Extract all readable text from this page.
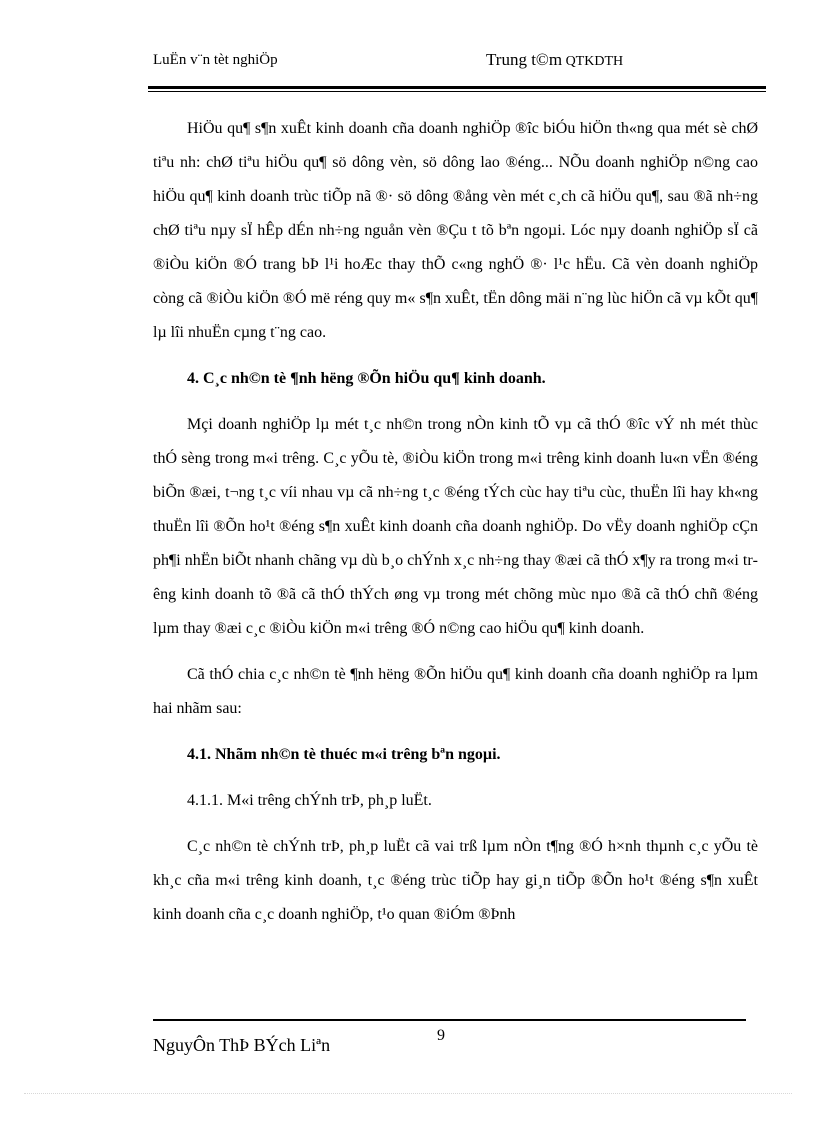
LuËn v¨n tèt nghiÖp	Trung t©m QTKDTH

HiÖu qu¶ s¶n xuÊt kinh doanh cña doanh nghiÖp ®îc biÓu hiÖn th«ng qua mét sè chØ tiªu nh: chØ tiªu hiÖu qu¶ sö dông vèn, sö dông lao ®éng... NÕu doanh nghiÖp n©ng cao hiÖu qu¶ kinh doanh trùc tiÕp nã ®· sö dông ®ång vèn mét c¸ch cã hiÖu qu¶, sau ®ã nh÷ng chØ tiªu nµy sÏ hÊp dÉn nh÷ng nguån vèn ®Çu t tõ bªn ngoµi. Lóc nµy doanh nghiÖp sÏ cã ®iÒu kiÖn ®Ó trang bÞ l¹i hoÆc thay thÕ c«ng nghÖ ®· l¹c hËu. Cã vèn doanh nghiÖp còng cã ®iÒu kiÖn ®Ó më réng quy m« s¶n xuÊt, tËn dông mäi n¨ng lùc hiÖn cã vµ kÕt qu¶ lµ lîi nhuËn cµng t¨ng cao.

4. C¸c nh©n tè ¶nh hëng ®Õn hiÖu qu¶ kinh doanh.

Mçi doanh nghiÖp lµ mét t¸c nh©n trong nÒn kinh tÕ vµ cã thÓ ®îc vÝ nh mét thùc thÓ sèng trong m«i trêng. C¸c yÕu tè, ®iÒu kiÖn trong m«i trêng kinh doanh lu«n vËn ®éng biÕn ®æi, t¬ng t¸c víi nhau vµ cã nh÷ng t¸c ®éng tÝch cùc hay tiªu cùc, thuËn lîi hay kh«ng thuËn lîi ®Õn ho¹t ®éng s¶n xuÊt kinh doanh cña doanh nghiÖp. Do vËy doanh nghiÖp cÇn ph¶i nhËn biÕt nhanh chãng vµ dù b¸o chÝnh x¸c nh÷ng thay ®æi cã thÓ x¶y ra trong m«i trêng kinh doanh tõ ®ã cã thÓ thÝch øng vµ trong mét chõng mùc nµo ®ã cã thÓ chñ ®éng lµm thay ®æi c¸c ®iÒu kiÖn m«i trêng ®Ó n©ng cao hiÖu qu¶ kinh doanh.

Cã thÓ chia c¸c nh©n tè ¶nh hëng ®Õn hiÖu qu¶ kinh doanh cña doanh nghiÖp ra lµm hai nhãm sau:

4.1. Nhãm nh©n tè thuéc m«i trêng bªn ngoµi.

4.1.1. M«i trêng chÝnh trÞ, ph¸p luËt.

C¸c nh©n tè chÝnh trÞ, ph¸p luËt cã vai trß lµm nÒn t¶ng ®Ó h×nh thµnh c¸c yÕu tè kh¸c cña m«i trêng kinh doanh, t¸c ®éng trùc tiÕp hay gi¸n tiÕp ®Õn ho¹t ®éng s¶n xuÊt kinh doanh cña c¸c doanh nghiÖp, t¹o quan ®iÓm ®Þnh

9
NguyÔn ThÞ BÝch Liªn
